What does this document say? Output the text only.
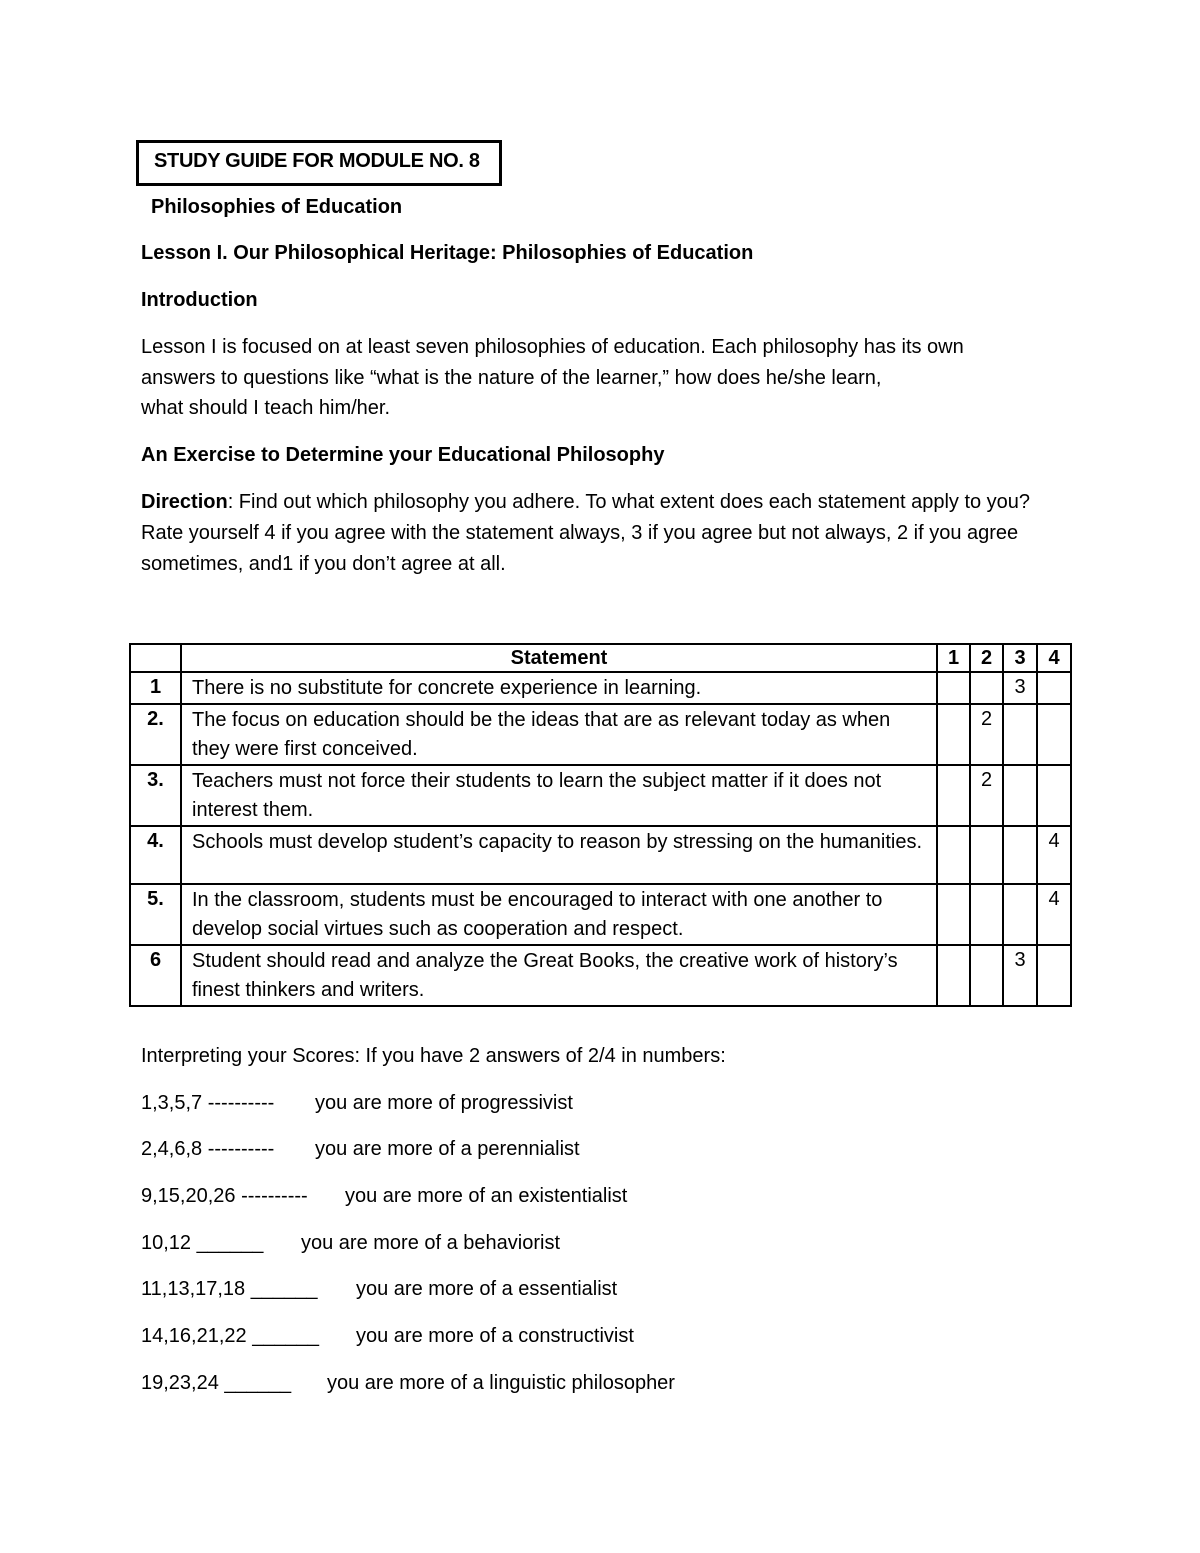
STUDY GUIDE FOR MODULE NO. 8
Philosophies of Education
Lesson I. Our Philosophical Heritage: Philosophies of Education
Introduction
Lesson I is focused on at least seven philosophies of education. Each philosophy has its own
answers to questions like “what is the nature of the learner,” how does he/she learn,
what should I teach him/her.
An Exercise to Determine your Educational Philosophy
Direction: Find out which philosophy you adhere. To what extent does each statement apply to you? Rate yourself 4 if you agree with the statement always, 3 if you agree but not always, 2 if you agree sometimes, and1 if you don’t agree at all.
	Statement	1	2	3	4
1	There is no substitute for concrete experience in learning.			3	
2.	The focus on education should be the ideas that are as relevant today as when they were first conceived.		2		
3.	Teachers must not force their students to learn the subject matter if it does not interest them.		2		
4.	Schools must develop student’s capacity to reason by stressing on the humanities.				4
5.	In the classroom, students must be encouraged to interact with one another to develop social virtues such as cooperation and respect.				4
6	Student should read and analyze the Great Books, the creative work of history’s finest thinkers and writers.			3	
Interpreting your Scores: If you have 2 answers of 2/4 in numbers:
1,3,5,7 ---------- you are more of progressivist
2,4,6,8 ---------- you are more of a perennialist
9,15,20,26 ---------- you are more of an existentialist
10,12 ______ you are more of a behaviorist
11,13,17,18 ______ you are more of a essentialist
14,16,21,22 ______ you are more of a constructivist
19,23,24 ______ you are more of a linguistic philosopher
